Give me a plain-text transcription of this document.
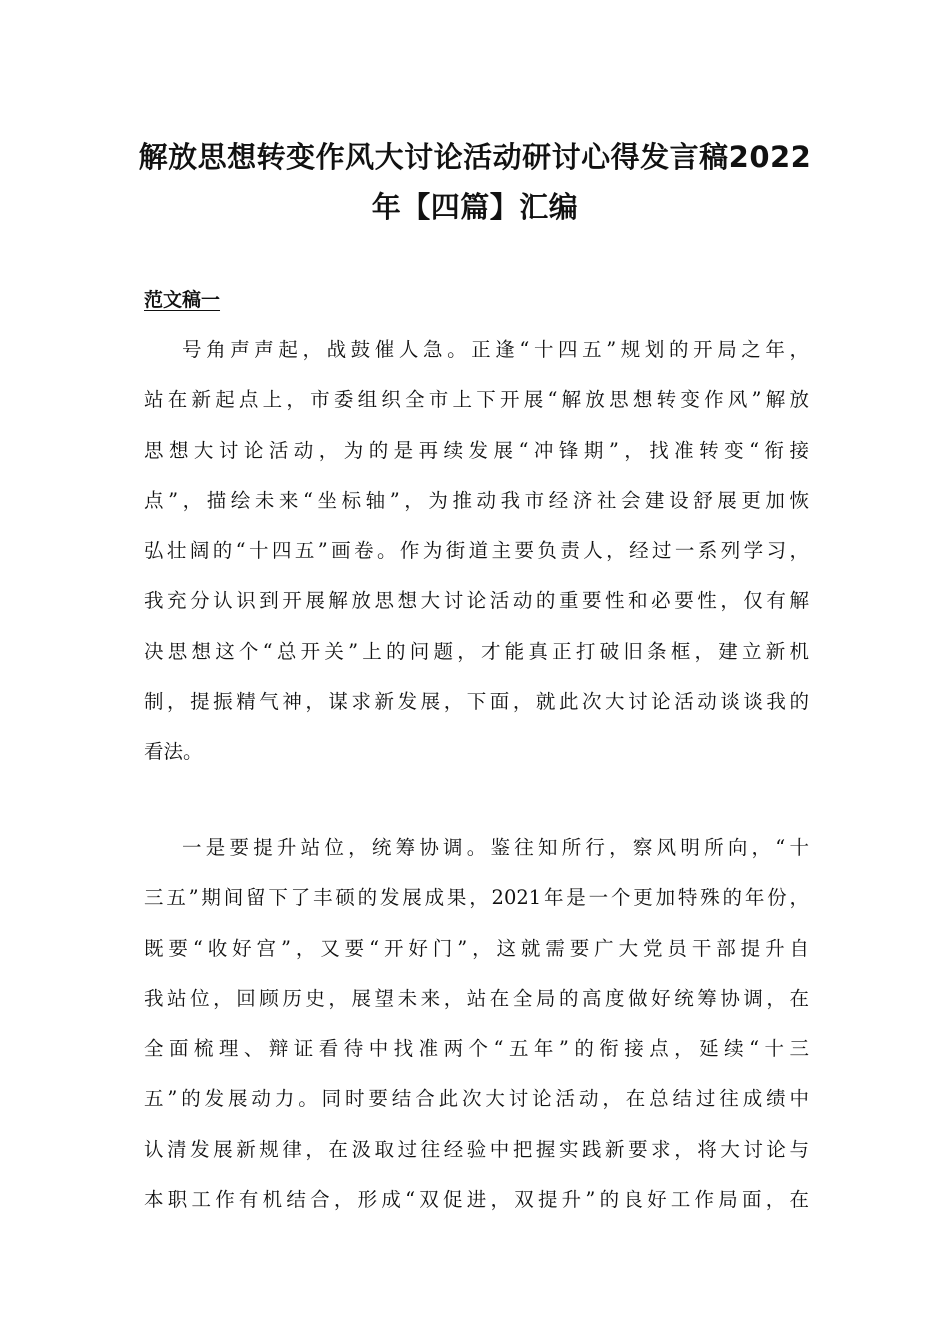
解放思想转变作风大讨论活动研讨心得发言稿2022
年【四篇】汇编
范文稿一
号角声声起，战鼓催人急。正逢“十四五”规划的开局之年，
站在新起点上，市委组织全市上下开展“解放思想转变作风”解放
思想大讨论活动，为的是再续发展“冲锋期”，找准转变“衔接
点”，描绘未来“坐标轴”，为推动我市经济社会建设舒展更加恢
弘壮阔的“十四五”画卷。作为街道主要负责人，经过一系列学习，
我充分认识到开展解放思想大讨论活动的重要性和必要性，仅有解
决思想这个“总开关”上的问题，才能真正打破旧条框，建立新机
制，提振精气神，谋求新发展，下面，就此次大讨论活动谈谈我的
看法。
一是要提升站位，统筹协调。鉴往知所行，察风明所向，“十
三五”期间留下了丰硕的发展成果，2021年是一个更加特殊的年份，
既要“收好宫”，又要“开好门”，这就需要广大党员干部提升自
我站位，回顾历史，展望未来，站在全局的高度做好统筹协调，在
全面梳理、辩证看待中找准两个“五年”的衔接点，延续“十三
五”的发展动力。同时要结合此次大讨论活动，在总结过往成绩中
认清发展新规律，在汲取过往经验中把握实践新要求，将大讨论与
本职工作有机结合，形成“双促进，双提升”的良好工作局面，在
